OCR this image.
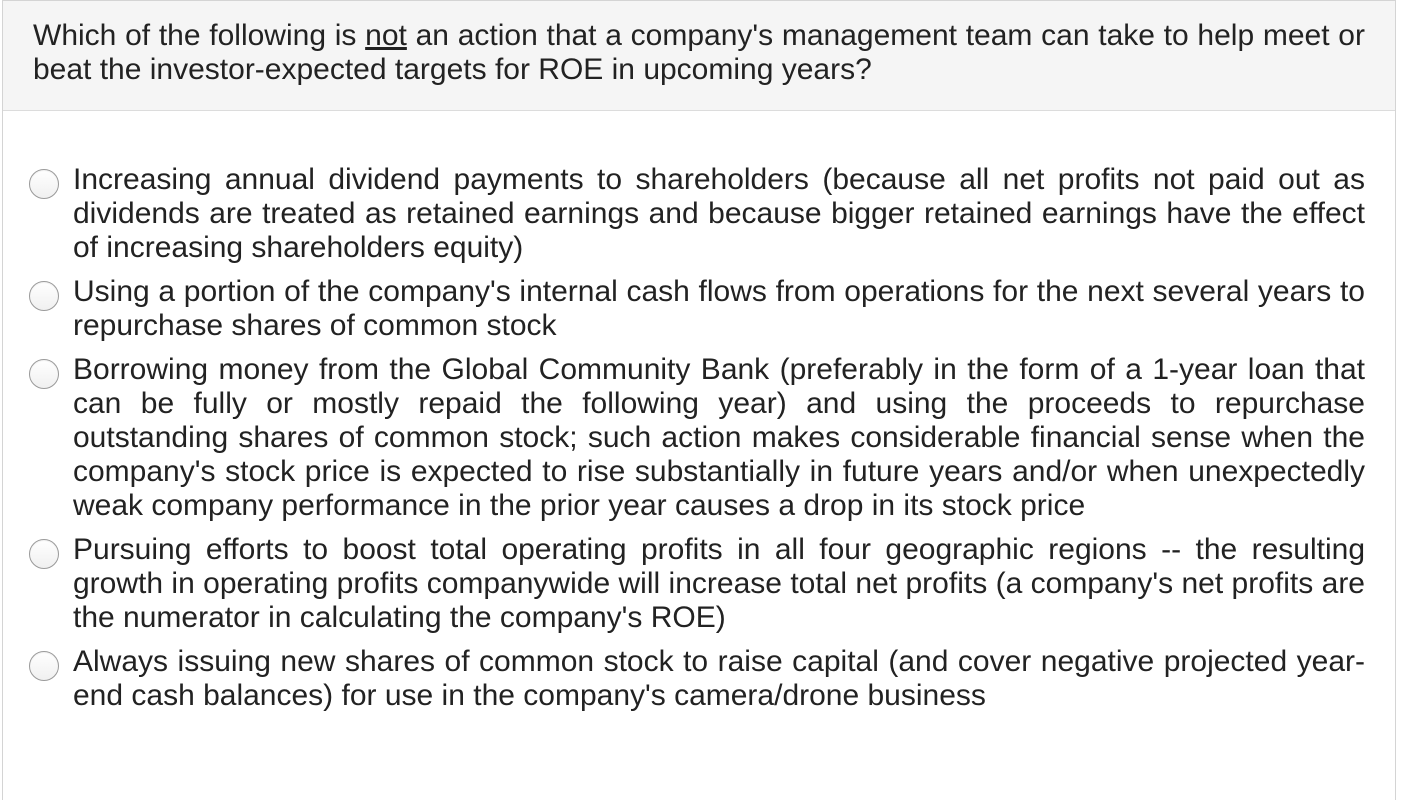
Which of the following is not an action that a company's management team can take to help meet or beat the investor-expected targets for ROE in upcoming years?
Increasing annual dividend payments to shareholders (because all net profits not paid out as dividends are treated as retained earnings and because bigger retained earnings have the effect of increasing shareholders equity)
Using a portion of the company's internal cash flows from operations for the next several years to repurchase shares of common stock
Borrowing money from the Global Community Bank (preferably in the form of a 1-year loan that can be fully or mostly repaid the following year) and using the proceeds to repurchase outstanding shares of common stock; such action makes considerable financial sense when the company's stock price is expected to rise substantially in future years and/or when unexpectedly weak company performance in the prior year causes a drop in its stock price
Pursuing efforts to boost total operating profits in all four geographic regions -- the resulting growth in operating profits companywide will increase total net profits (a company's net profits are the numerator in calculating the company's ROE)
Always issuing new shares of common stock to raise capital (and cover negative projected year-end cash balances) for use in the company's camera/drone business
